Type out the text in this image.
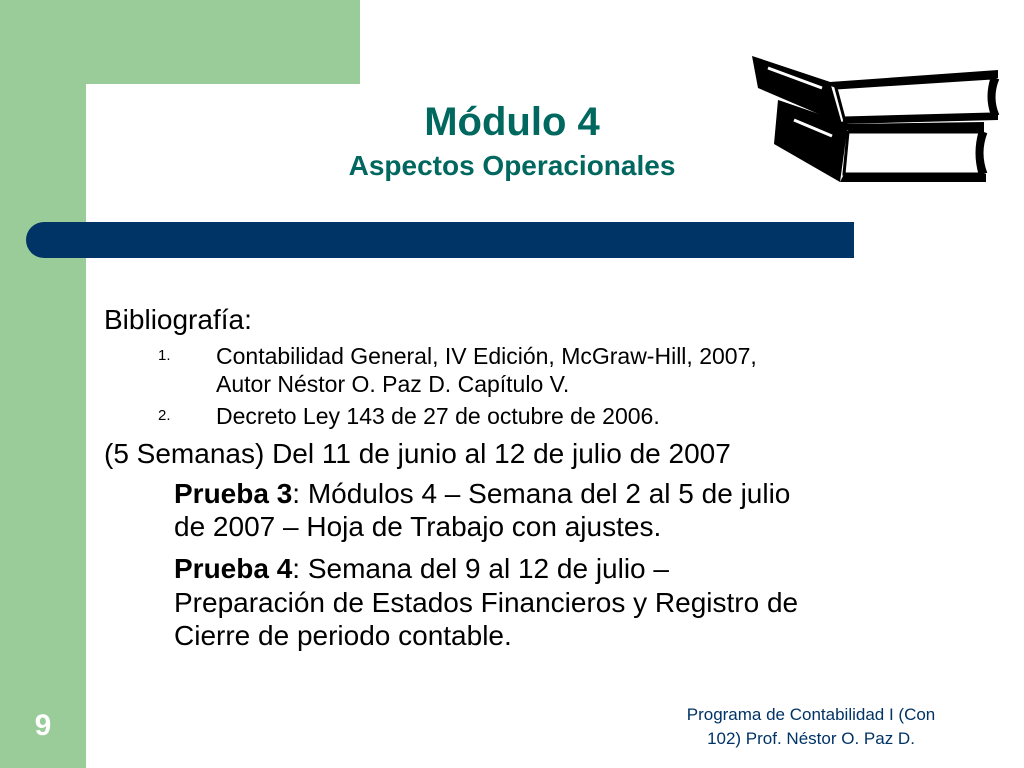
Módulo 4
Aspectos Operacionales
Bibliografía:
1. Contabilidad General, IV Edición, McGraw-Hill, 2007,
Autor Néstor O. Paz D. Capítulo V.
2. Decreto Ley 143 de 27 de octubre de 2006.
(5 Semanas) Del 11 de junio al 12 de julio de 2007
Prueba 3: Módulos 4 – Semana del 2 al 5 de julio
de 2007 – Hoja de Trabajo con ajustes.
Prueba 4: Semana del 9 al 12 de julio –
Preparación de Estados Financieros y Registro de
Cierre de periodo contable.
9	Programa de Contabilidad I (Con
102) Prof. Néstor O. Paz D.
